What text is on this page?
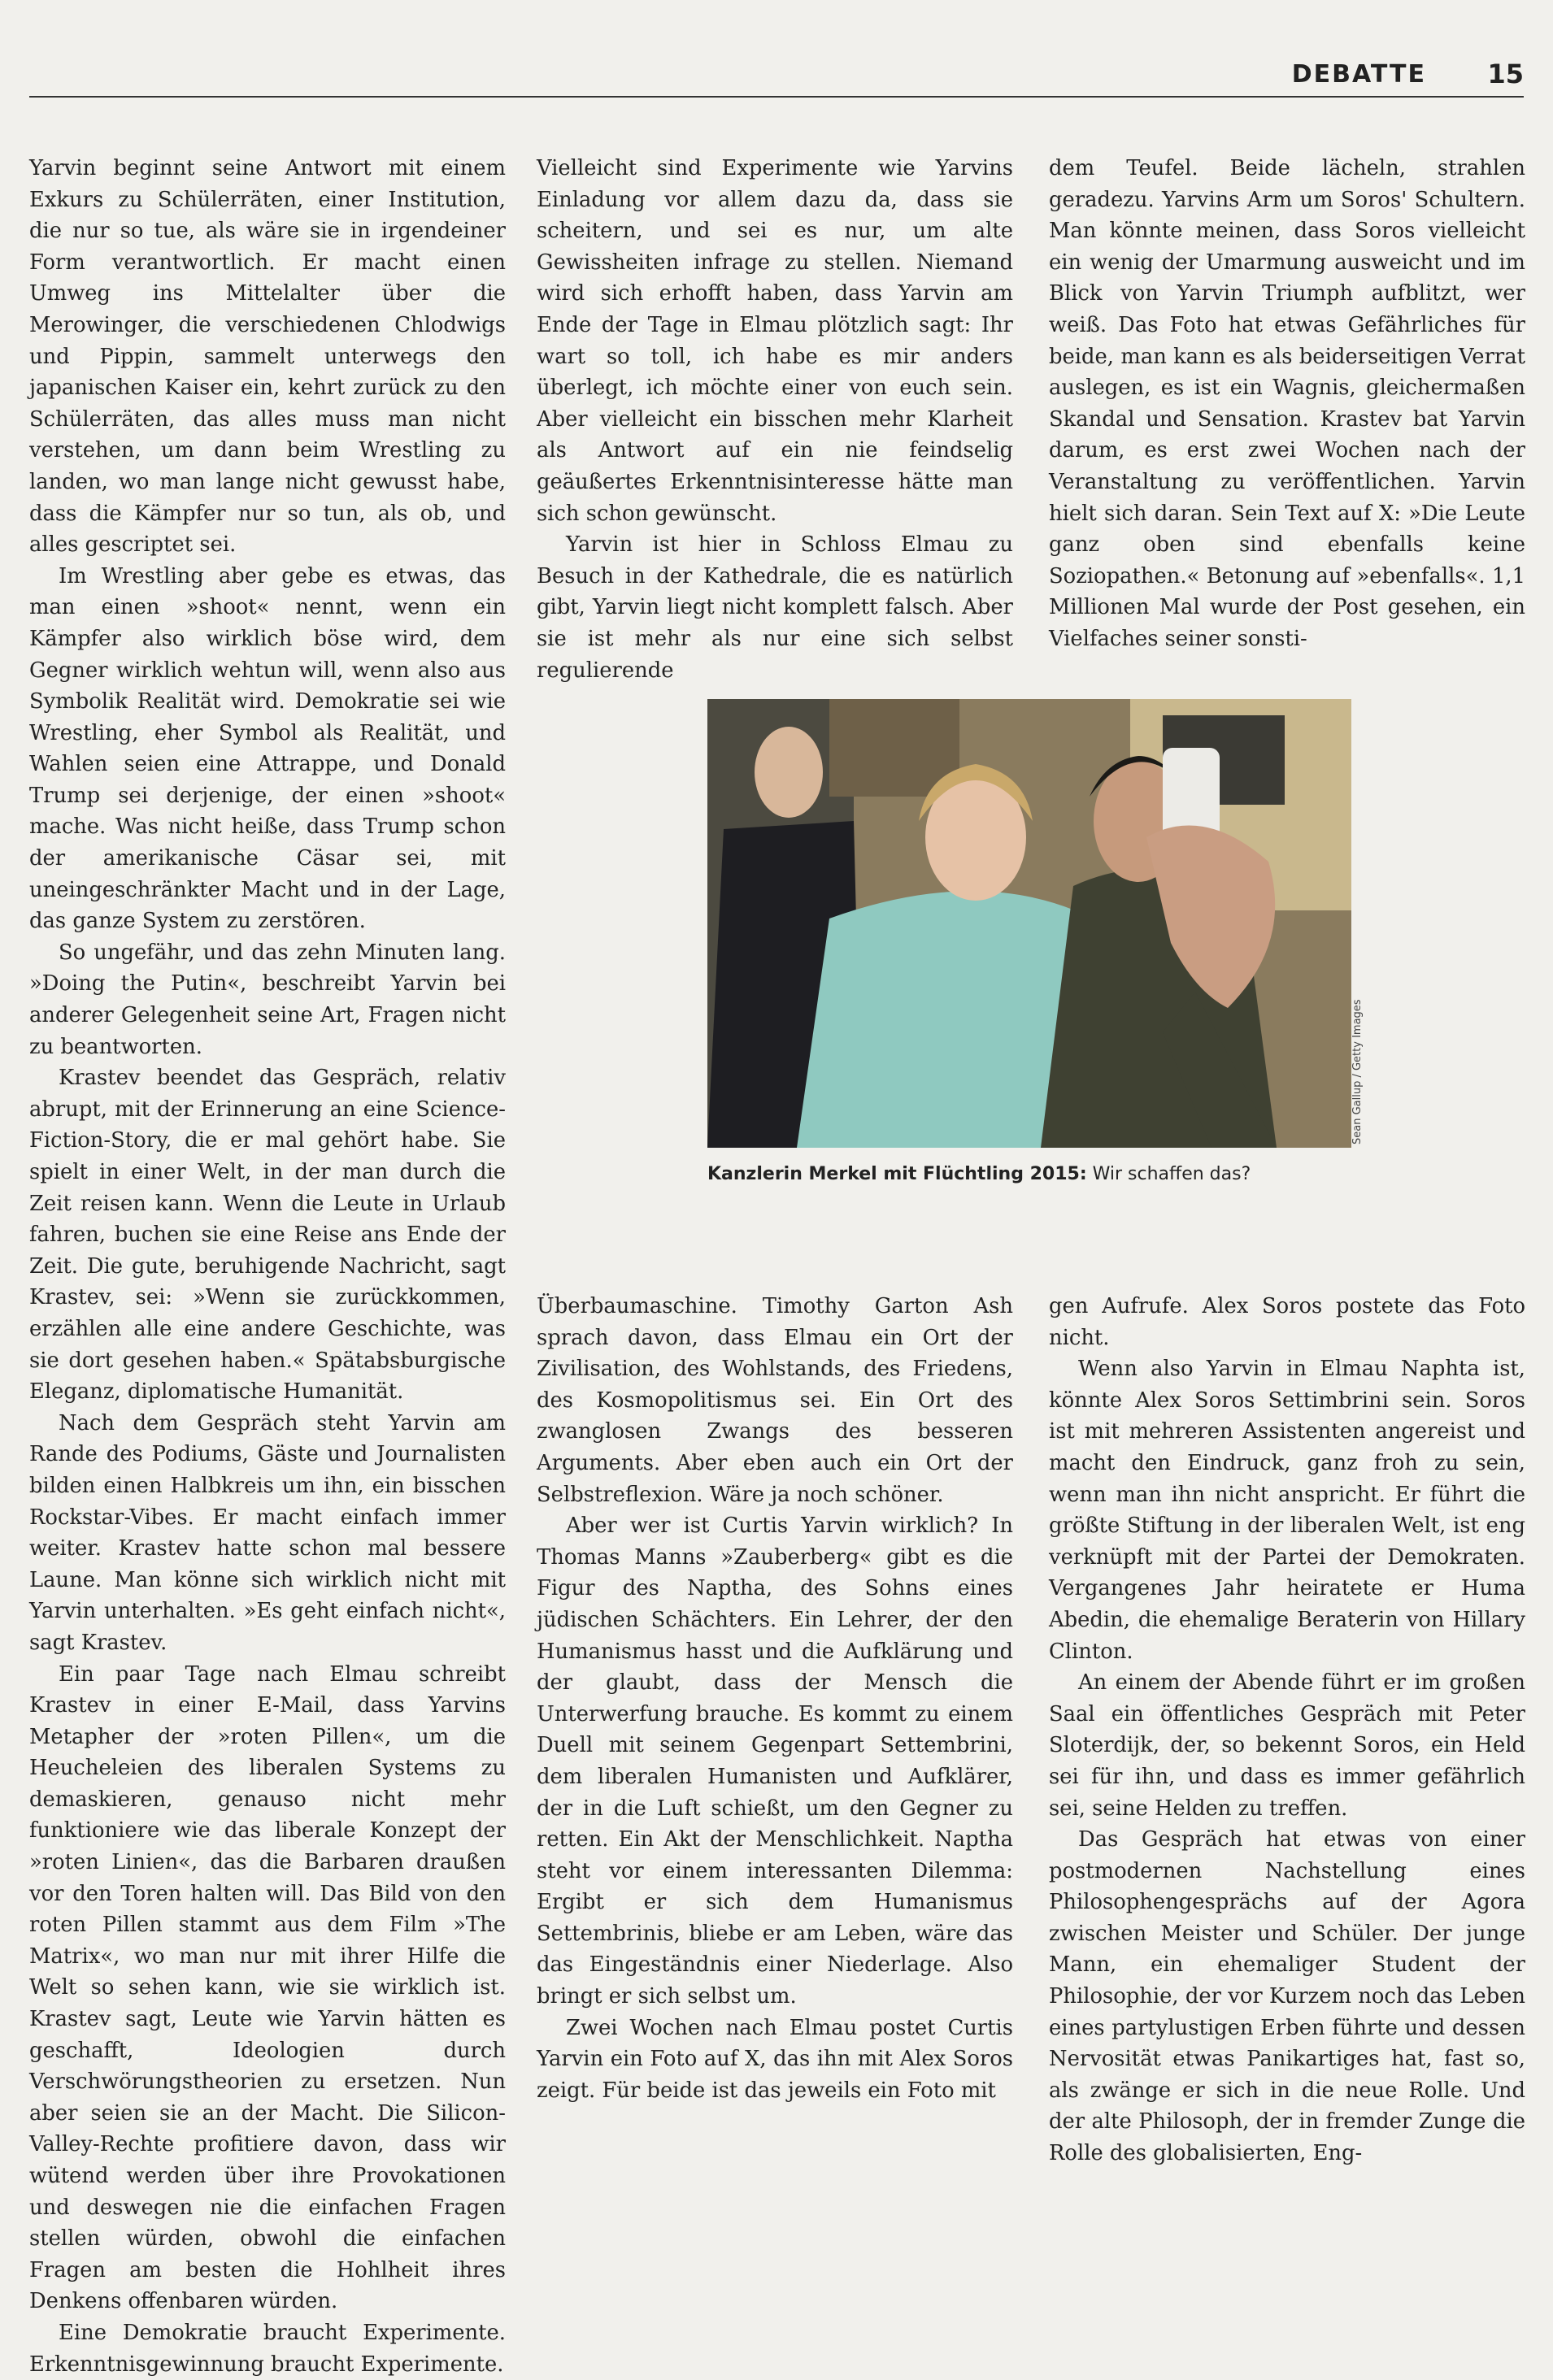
DEBATTE 15

Yarvin beginnt seine Antwort mit einem Exkurs zu Schülerräten, einer Institution, die nur so tue, als wäre sie in irgendeiner Form verantwortlich. Er macht einen Umweg ins Mittelalter über die Merowinger, die verschiedenen Chlodwigs und Pippin, sammelt unterwegs den japanischen Kaiser ein, kehrt zurück zu den Schülerräten, das alles muss man nicht verstehen, um dann beim Wrestling zu landen, wo man lange nicht gewusst habe, dass die Kämpfer nur so tun, als ob, und alles gescriptet sei.

Im Wrestling aber gebe es etwas, das man einen »shoot« nennt, wenn ein Kämpfer also wirklich böse wird, dem Gegner wirklich wehtun will, wenn also aus Symbolik Realität wird. Demokratie sei wie Wrestling, eher Symbol als Realität, und Wahlen seien eine Attrappe, und Donald Trump sei derjenige, der einen »shoot« mache. Was nicht heiße, dass Trump schon der amerikanische Cäsar sei, mit uneingeschränkter Macht und in der Lage, das ganze System zu zerstören.

So ungefähr, und das zehn Minuten lang. »Doing the Putin«, beschreibt Yarvin bei anderer Gelegenheit seine Art, Fragen nicht zu beantworten.

Krastev beendet das Gespräch, relativ abrupt, mit der Erinnerung an eine Science-Fiction-Story, die er mal gehört habe. Sie spielt in einer Welt, in der man durch die Zeit reisen kann. Wenn die Leute in Urlaub fahren, buchen sie eine Reise ans Ende der Zeit. Die gute, beruhigende Nachricht, sagt Krastev, sei: »Wenn sie zurückkommen, erzählen alle eine andere Geschichte, was sie dort gesehen haben.« Spätabsburgische Eleganz, diplomatische Humanität.

Nach dem Gespräch steht Yarvin am Rande des Podiums, Gäste und Journalisten bilden einen Halbkreis um ihn, ein bisschen Rockstar-Vibes. Er macht einfach immer weiter. Krastev hatte schon mal bessere Laune. Man könne sich wirklich nicht mit Yarvin unterhalten. »Es geht einfach nicht«, sagt Krastev.

Ein paar Tage nach Elmau schreibt Krastev in einer E-Mail, dass Yarvins Metapher der »roten Pillen«, um die Heucheleien des liberalen Systems zu demaskieren, genauso nicht mehr funktioniere wie das liberale Konzept der »roten Linien«, das die Barbaren draußen vor den Toren halten will. Das Bild von den roten Pillen stammt aus dem Film »The Matrix«, wo man nur mit ihrer Hilfe die Welt so sehen kann, wie sie wirklich ist. Krastev sagt, Leute wie Yarvin hätten es geschafft, Ideologien durch Verschwörungstheorien zu ersetzen. Nun aber seien sie an der Macht. Die Silicon-Valley-Rechte profitiere davon, dass wir wütend werden über ihre Provokationen und deswegen nie die einfachen Fragen stellen würden, obwohl die einfachen Fragen am besten die Hohlheit ihres Denkens offenbaren würden.

Eine Demokratie braucht Experimente. Erkenntnisgewinnung braucht Experimente.

Vielleicht sind Experimente wie Yarvins Einladung vor allem dazu da, dass sie scheitern, und sei es nur, um alte Gewissheiten infrage zu stellen. Niemand wird sich erhofft haben, dass Yarvin am Ende der Tage in Elmau plötzlich sagt: Ihr wart so toll, ich habe es mir anders überlegt, ich möchte einer von euch sein. Aber vielleicht ein bisschen mehr Klarheit als Antwort auf ein nie feindselig geäußertes Erkenntnisinteresse hätte man sich schon gewünscht.

Yarvin ist hier in Schloss Elmau zu Besuch in der Kathedrale, die es natürlich gibt, Yarvin liegt nicht komplett falsch. Aber sie ist mehr als nur eine sich selbst regulierende

dem Teufel. Beide lächeln, strahlen geradezu. Yarvins Arm um Soros' Schultern. Man könnte meinen, dass Soros vielleicht ein wenig der Umarmung ausweicht und im Blick von Yarvin Triumph aufblitzt, wer weiß. Das Foto hat etwas Gefährliches für beide, man kann es als beiderseitigen Verrat auslegen, es ist ein Wagnis, gleichermaßen Skandal und Sensation. Krastev bat Yarvin darum, es erst zwei Wochen nach der Veranstaltung zu veröffentlichen. Yarvin hielt sich daran. Sein Text auf X: »Die Leute ganz oben sind ebenfalls keine Soziopathen.« Betonung auf »ebenfalls«. 1,1 Millionen Mal wurde der Post gesehen, ein Vielfaches seiner sonsti-

Sean Gallup / Getty Images
Kanzlerin Merkel mit Flüchtling 2015: Wir schaffen das?

Überbaumaschine. Timothy Garton Ash sprach davon, dass Elmau ein Ort der Zivilisation, des Wohlstands, des Friedens, des Kosmopolitismus sei. Ein Ort des zwanglosen Zwangs des besseren Arguments. Aber eben auch ein Ort der Selbstreflexion. Wäre ja noch schöner.

Aber wer ist Curtis Yarvin wirklich? In Thomas Manns »Zauberberg« gibt es die Figur des Naptha, des Sohns eines jüdischen Schächters. Ein Lehrer, der den Humanismus hasst und die Aufklärung und der glaubt, dass der Mensch die Unterwerfung brauche. Es kommt zu einem Duell mit seinem Gegenpart Settembrini, dem liberalen Humanisten und Aufklärer, der in die Luft schießt, um den Gegner zu retten. Ein Akt der Menschlichkeit. Naptha steht vor einem interessanten Dilemma: Ergibt er sich dem Humanismus Settembrinis, bliebe er am Leben, wäre das das Eingeständnis einer Niederlage. Also bringt er sich selbst um.

Zwei Wochen nach Elmau postet Curtis Yarvin ein Foto auf X, das ihn mit Alex Soros zeigt. Für beide ist das jeweils ein Foto mit

gen Aufrufe. Alex Soros postete das Foto nicht.

Wenn also Yarvin in Elmau Naphta ist, könnte Alex Soros Settimbrini sein. Soros ist mit mehreren Assistenten angereist und macht den Eindruck, ganz froh zu sein, wenn man ihn nicht anspricht. Er führt die größte Stiftung in der liberalen Welt, ist eng verknüpft mit der Partei der Demokraten. Vergangenes Jahr heiratete er Huma Abedin, die ehemalige Beraterin von Hillary Clinton.

An einem der Abende führt er im großen Saal ein öffentliches Gespräch mit Peter Sloterdijk, der, so bekennt Soros, ein Held sei für ihn, und dass es immer gefährlich sei, seine Helden zu treffen.

Das Gespräch hat etwas von einer postmodernen Nachstellung eines Philosophengesprächs auf der Agora zwischen Meister und Schüler. Der junge Mann, ein ehemaliger Student der Philosophie, der vor Kurzem noch das Leben eines partylustigen Erben führte und dessen Nervosität etwas Panikartiges hat, fast so, als zwänge er sich in die neue Rolle. Und der alte Philosoph, der in fremder Zunge die Rolle des globalisierten, Eng-
